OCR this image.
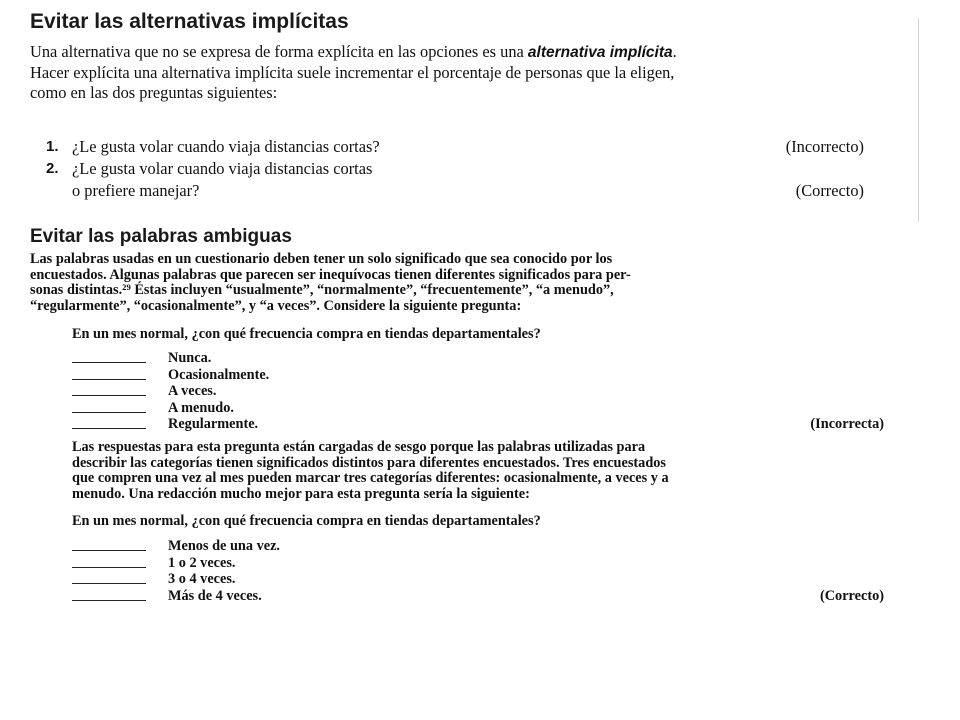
Evitar las alternativas implícitas

Una alternativa que no se expresa de forma explícita en las opciones es una alternativa implícita.
Hacer explícita una alternativa implícita suele incrementar el porcentaje de personas que la eligen,
como en las dos preguntas siguientes:

1. ¿Le gusta volar cuando viaja distancias cortas?	(Incorrecto)
2. ¿Le gusta volar cuando viaja distancias cortas
o prefiere manejar?	(Correcto)
Evitar las palabras ambiguas

Las palabras usadas en un cuestionario deben tener un solo significado que sea conocido por los
encuestados. Algunas palabras que parecen ser inequívocas tienen diferentes significados para per-
sonas distintas.²⁹ Éstas incluyen “usualmente”, “normalmente”, “frecuentemente”, “a menudo”,
“regularmente”, “ocasionalmente”, y “a veces”. Considere la siguiente pregunta:

En un mes normal, ¿con qué frecuencia compra en tiendas departamentales?

Nunca.
Ocasionalmente.
A veces.
A menudo.
Regularmente.	(Incorrecta)

Las respuestas para esta pregunta están cargadas de sesgo porque las palabras utilizadas para
describir las categorías tienen significados distintos para diferentes encuestados. Tres encuestados
que compren una vez al mes pueden marcar tres categorías diferentes: ocasionalmente, a veces y a
menudo. Una redacción mucho mejor para esta pregunta sería la siguiente:

En un mes normal, ¿con qué frecuencia compra en tiendas departamentales?

Menos de una vez.
1 o 2 veces.
3 o 4 veces.
Más de 4 veces.	(Correcto)
